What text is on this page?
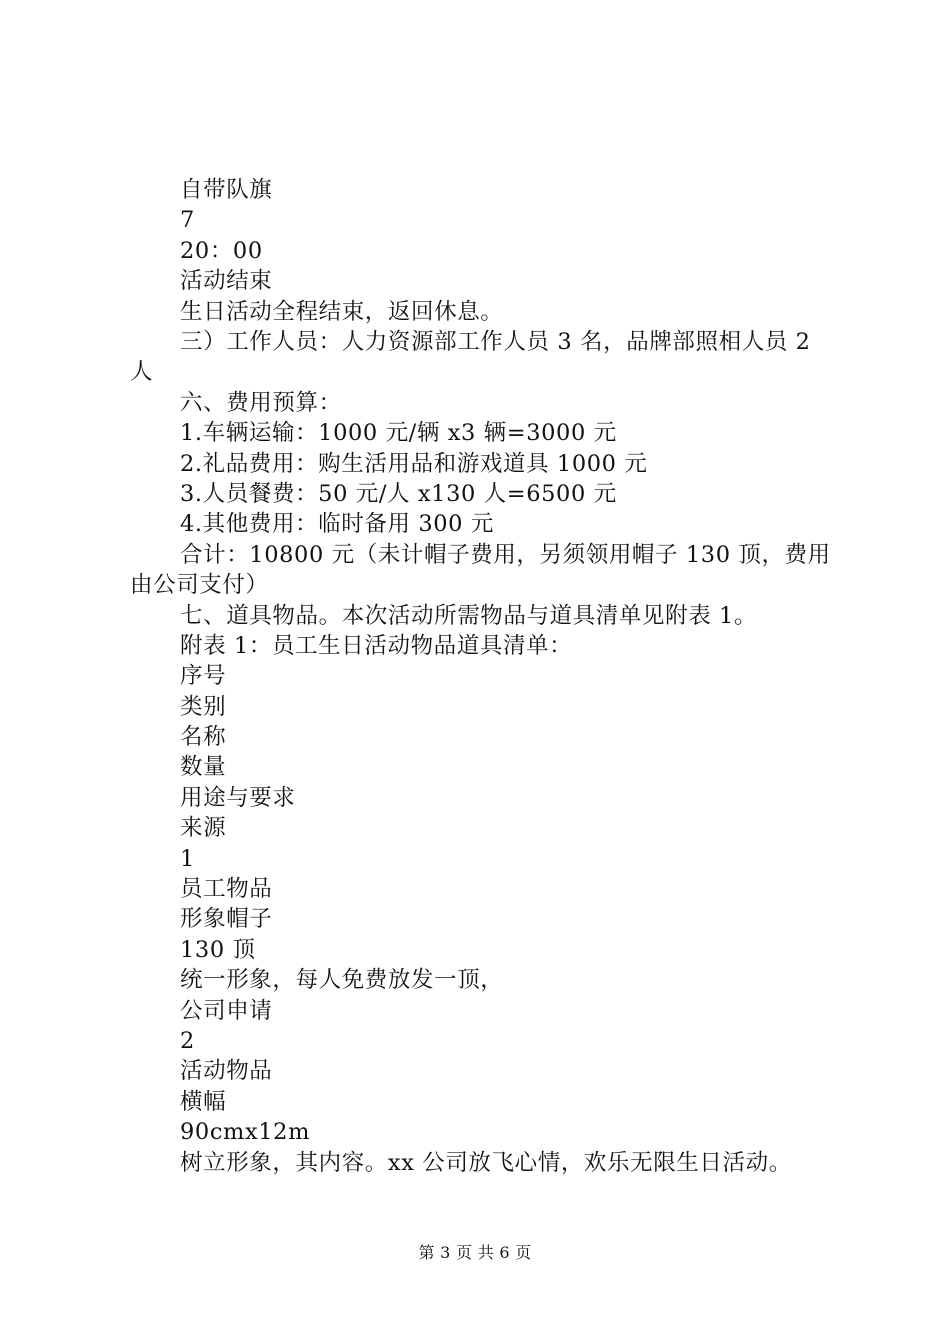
自带队旗
7
20：00
活动结束
生日活动全程结束，返回休息。
三）工作人员：人力资源部工作人员 3 名，品牌部照相人员 2 人
六、费用预算：
1.车辆运输：1000 元/辆 x3 辆=3000 元
2.礼品费用：购生活用品和游戏道具 1000 元
3.人员餐费：50 元/人 x130 人=6500 元
4.其他费用：临时备用 300 元
合计：10800 元（未计帽子费用，另须领用帽子 130 顶，费用由公司支付）
七、道具物品。本次活动所需物品与道具清单见附表 1。
附表 1：员工生日活动物品道具清单：
序号
类别
名称
数量
用途与要求
来源
1
员工物品
形象帽子
130 顶
统一形象，每人免费放发一顶，
公司申请
2
活动物品
横幅
90cmx12m
树立形象，其内容。xx 公司放飞心情，欢乐无限生日活动。
第 3 页 共 6 页
